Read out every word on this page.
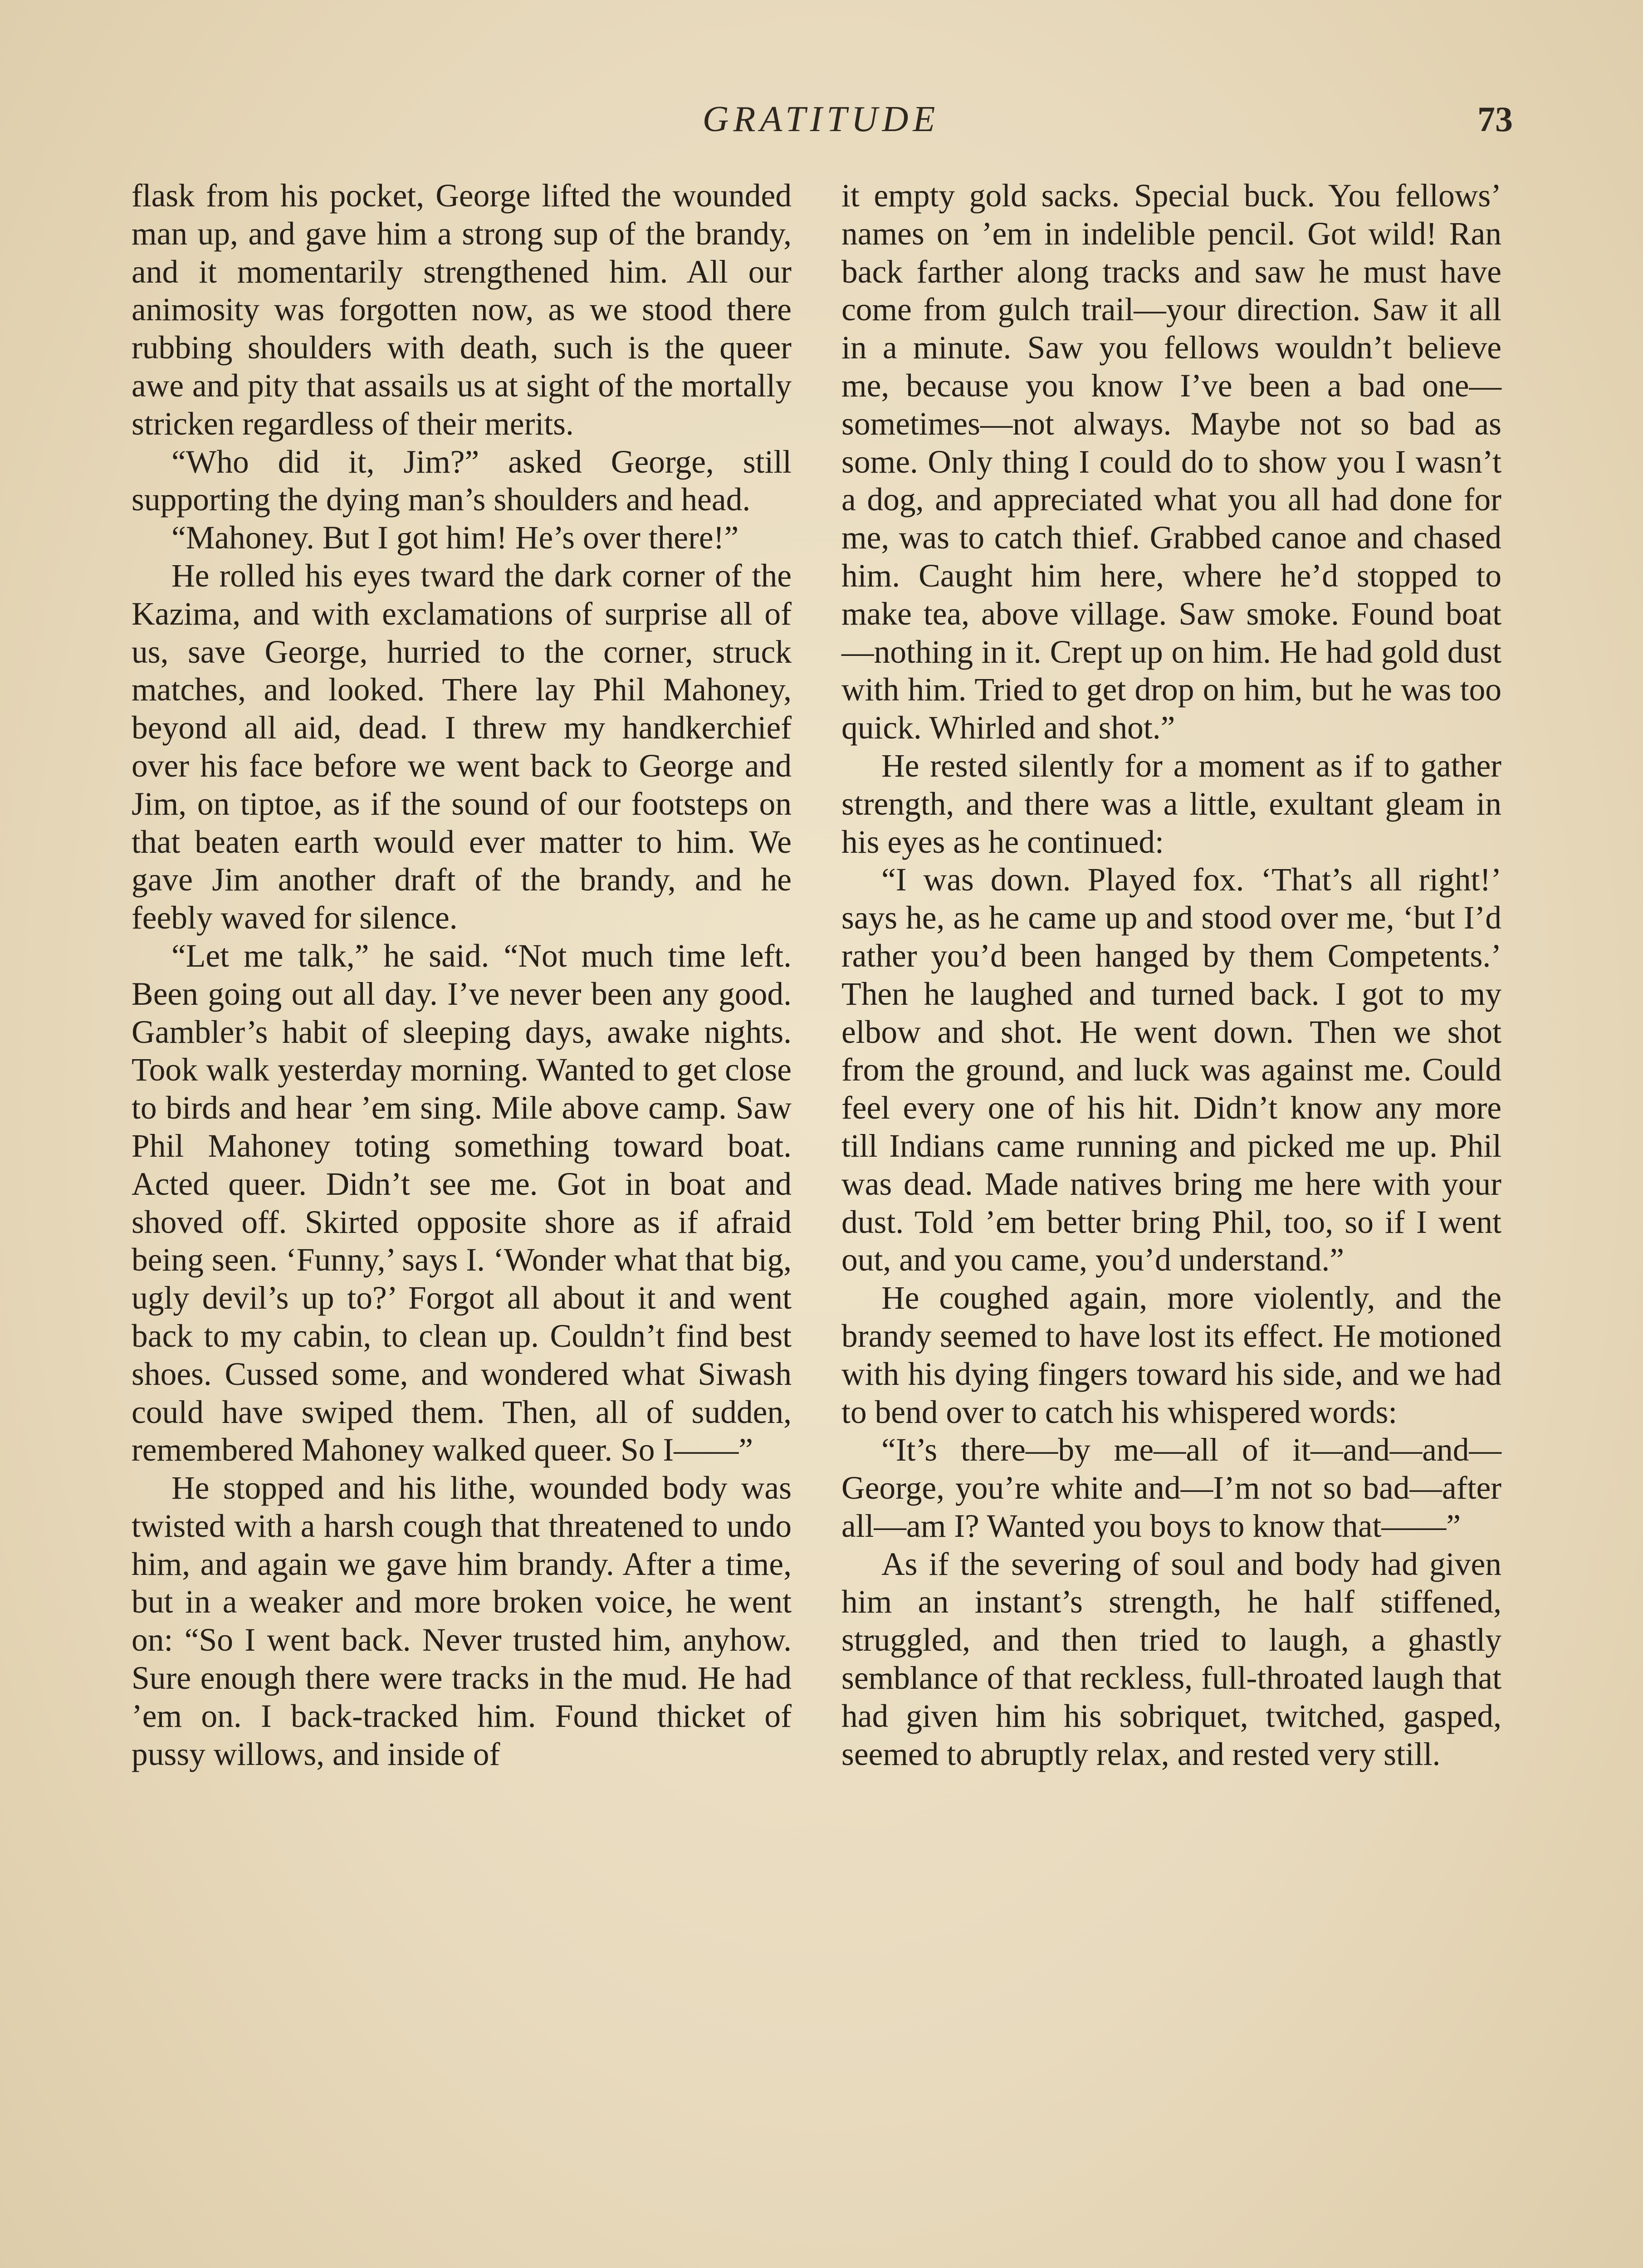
GRATITUDE	73

flask from his pocket, George lifted the wounded man up, and gave him a strong sup of the brandy, and it momentarily strengthened him. All our animosity was forgotten now, as we stood there rubbing shoulders with death, such is the queer awe and pity that assails us at sight of the mortally stricken regardless of their merits.

“Who did it, Jim?” asked George, still supporting the dying man’s shoulders and head.

“Mahoney. But I got him! He’s over there!”

He rolled his eyes tward the dark corner of the Kazima, and with exclamations of surprise all of us, save George, hurried to the corner, struck matches, and looked. There lay Phil Mahoney, beyond all aid, dead. I threw my handkerchief over his face before we went back to George and Jim, on tiptoe, as if the sound of our footsteps on that beaten earth would ever matter to him. We gave Jim another draft of the brandy, and he feebly waved for silence.

“Let me talk,” he said. “Not much time left. Been going out all day. I’ve never been any good. Gambler’s habit of sleeping days, awake nights. Took walk yesterday morning. Wanted to get close to birds and hear ’em sing. Mile above camp. Saw Phil Mahoney toting something toward boat. Acted queer. Didn’t see me. Got in boat and shoved off. Skirted opposite shore as if afraid being seen. ‘Funny,’ says I. ‘Wonder what that big, ugly devil’s up to?’ Forgot all about it and went back to my cabin, to clean up. Couldn’t find best shoes. Cussed some, and wondered what Siwash could have swiped them. Then, all of sudden, remembered Mahoney walked queer. So I——”

He stopped and his lithe, wounded body was twisted with a harsh cough that threatened to undo him, and again we gave him brandy. After a time, but in a weaker and more broken voice, he went on: “So I went back. Never trusted him, anyhow. Sure enough there were tracks in the mud. He had ’em on. I back-tracked him. Found thicket of pussy willows, and inside of

it empty gold sacks. Special buck. You fellows’ names on ’em in indelible pencil. Got wild! Ran back farther along tracks and saw he must have come from gulch trail—your direction. Saw it all in a minute. Saw you fellows wouldn’t believe me, because you know I’ve been a bad one—sometimes—not always. Maybe not so bad as some. Only thing I could do to show you I wasn’t a dog, and appreciated what you all had done for me, was to catch thief. Grabbed canoe and chased him. Caught him here, where he’d stopped to make tea, above village. Saw smoke. Found boat—nothing in it. Crept up on him. He had gold dust with him. Tried to get drop on him, but he was too quick. Whirled and shot.”

He rested silently for a moment as if to gather strength, and there was a little, exultant gleam in his eyes as he continued:

“I was down. Played fox. ‘That’s all right!’ says he, as he came up and stood over me, ‘but I’d rather you’d been hanged by them Competents.’ Then he laughed and turned back. I got to my elbow and shot. He went down. Then we shot from the ground, and luck was against me. Could feel every one of his hit. Didn’t know any more till Indians came running and picked me up. Phil was dead. Made natives bring me here with your dust. Told ’em better bring Phil, too, so if I went out, and you came, you’d understand.”

He coughed again, more violently, and the brandy seemed to have lost its effect. He motioned with his dying fingers toward his side, and we had to bend over to catch his whispered words:

“It’s there—by me—all of it—and—and—George, you’re white and—I’m not so bad—after all—am I? Wanted you boys to know that——”

As if the severing of soul and body had given him an instant’s strength, he half stiffened, struggled, and then tried to laugh, a ghastly semblance of that reckless, full-throated laugh that had given him his sobriquet, twitched, gasped, seemed to abruptly relax, and rested very still.
